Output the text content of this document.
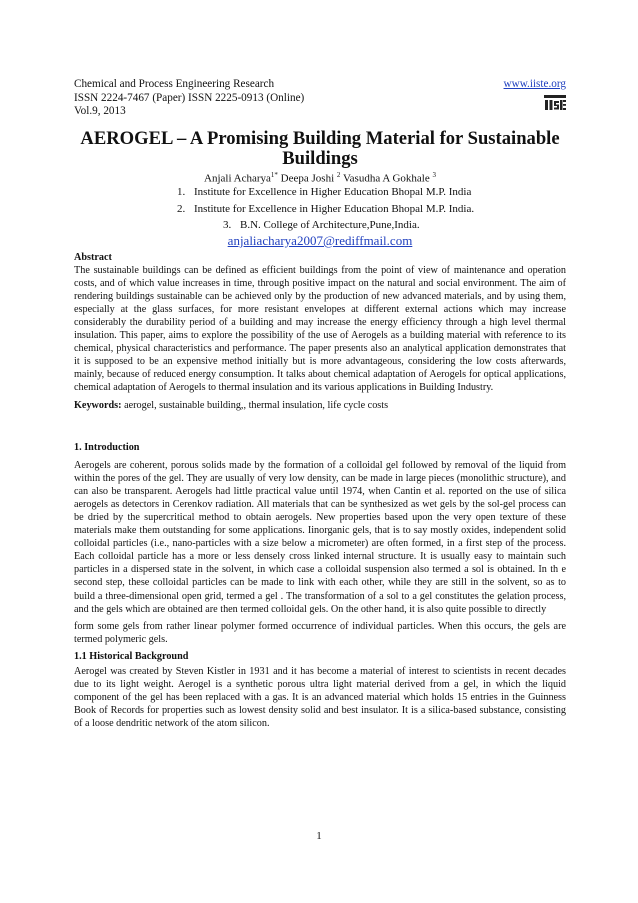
Chemical and Process Engineering Research
ISSN 2224-7467 (Paper) ISSN 2225-0913 (Online)
Vol.9, 2013
www.iiste.org
AEROGEL – A Promising Building Material for Sustainable
Buildings
Anjali Acharya$^{1*}$ Deepa Joshi $^2$ Vasudha A Gokhale $^3$
1. Institute for Excellence in Higher Education Bhopal M.P. India
2. Institute for Excellence in Higher Education Bhopal M.P. India.
3. B.N. College of Architecture,Pune,India.
anjaliacharya2007@rediffmail.com
Abstract
The sustainable buildings can be defined as efficient buildings from the point of view of maintenance and operation costs, and of which value increases in time, through positive impact on the natural and social environment. The aim of rendering buildings sustainable can be achieved only by the production of new advanced materials, and by using them, especially at the glass surfaces, for more resistant envelopes at different external actions which may increase considerably the durability period of a building and may increase the energy efficiency through a high level thermal insulation. This paper, aims to explore the possibility of the use of Aerogels as a building material with reference to its chemical, physical characteristics and performance. The paper presents also an analytical application demonstrates that it is supposed to be an expensive method initially but is more advantageous, considering the low costs afterwards, mainly, because of reduced energy consumption. It talks about chemical adaptation of Aerogels for optical applications, chemical adaptation of Aerogels to thermal insulation and its various applications in Building Industry.
Keywords: aerogel, sustainable building,, thermal insulation, life cycle costs
1. Introduction
Aerogels are coherent, porous solids made by the formation of a colloidal gel followed by removal of the liquid from within the pores of the gel. They are usually of very low density, can be made in large pieces (monolithic structure), and can also be transparent. Aerogels had little practical value until 1974, when Cantin et al. reported on the use of silica aerogels as detectors in Cerenkov radiation. All materials that can be synthesized as wet gels by the sol-gel process can be dried by the supercritical method to obtain aerogels. New properties based upon the very open texture of these materials make them outstanding for some applications. Iinorganic gels, that is to say mostly oxides, independent solid colloidal particles (i.e., nano-particles with a size below a micrometer) are often formed, in a first step of the process. Each colloidal particle has a more or less densely cross linked internal structure. It is usually easy to maintain such particles in a dispersed state in the solvent, in which case a colloidal suspension also termed a sol is obtained. In th e second step, these colloidal particles can be made to link with each other, while they are still in the solvent, so as to build a three-dimensional open grid, termed a gel . The transformation of a sol to a gel constitutes the gelation process, and the gels which are obtained are then termed colloidal gels. On the other hand, it is also quite possible to directly
form some gels from rather linear polymer formed occurrence of individual particles. When this occurs, the gels are termed polymeric gels.
1.1 Historical Background
Aerogel was created by Steven Kistler in 1931 and it has become a material of interest to scientists in recent decades due to its light weight. Aerogel is a synthetic porous ultra light material derived from a gel, in which the liquid component of the gel has been replaced with a gas. It is an advanced material which holds 15 entries in the Guinness Book of Records for properties such as lowest density solid and best insulator. It is a silica-based substance, consisting of a loose dendritic network of the atom silicon.
1
